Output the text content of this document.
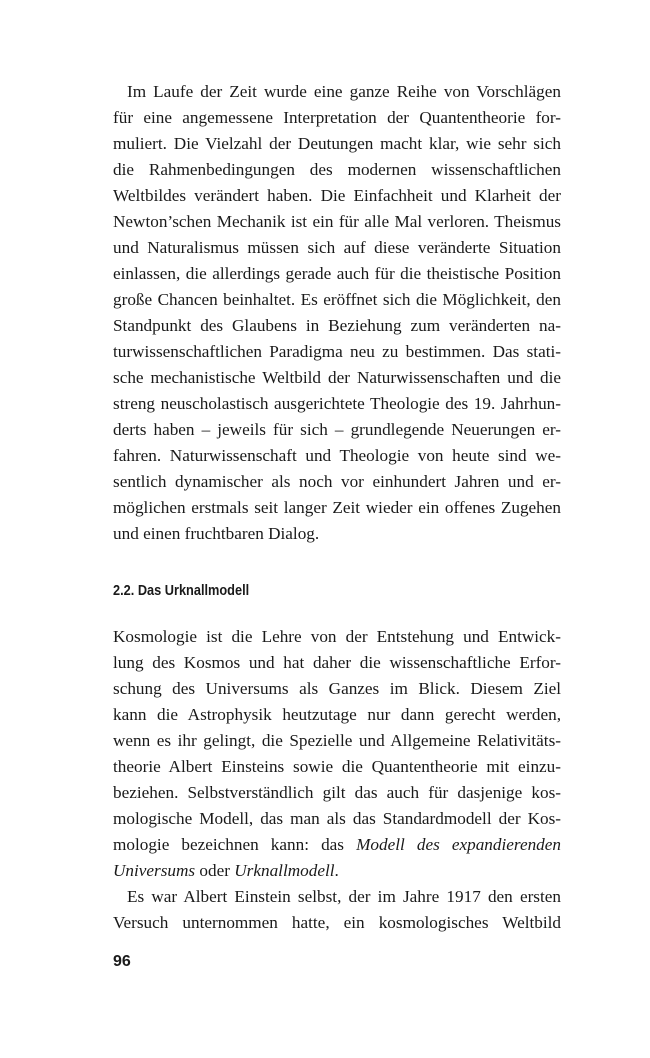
Im Laufe der Zeit wurde eine ganze Reihe von Vorschlägen
für eine angemessene Interpretation der Quantentheorie for-
muliert. Die Vielzahl der Deutungen macht klar, wie sehr sich
die Rahmenbedingungen des modernen wissenschaftlichen
Weltbildes verändert haben. Die Einfachheit und Klarheit der
Newton’schen Mechanik ist ein für alle Mal verloren. Theismus
und Naturalismus müssen sich auf diese veränderte Situation
einlassen, die allerdings gerade auch für die theistische Position
große Chancen beinhaltet. Es eröffnet sich die Möglichkeit, den
Standpunkt des Glaubens in Beziehung zum veränderten na-
turwissenschaftlichen Paradigma neu zu bestimmen. Das stati-
sche mechanistische Weltbild der Naturwissenschaften und die
streng neuscholastisch ausgerichtete Theologie des 19. Jahrhun-
derts haben – jeweils für sich – grundlegende Neuerungen er-
fahren. Naturwissenschaft und Theologie von heute sind we-
sentlich dynamischer als noch vor einhundert Jahren und er-
möglichen erstmals seit langer Zeit wieder ein offenes Zugehen
und einen fruchtbaren Dialog.
2.2. Das Urknallmodell
Kosmologie ist die Lehre von der Entstehung und Entwick-
lung des Kosmos und hat daher die wissenschaftliche Erfor-
schung des Universums als Ganzes im Blick. Diesem Ziel
kann die Astrophysik heutzutage nur dann gerecht werden,
wenn es ihr gelingt, die Spezielle und Allgemeine Relativitäts-
theorie Albert Einsteins sowie die Quantentheorie mit einzu-
beziehen. Selbstverständlich gilt das auch für dasjenige kos-
mologische Modell, das man als das Standardmodell der Kos-
mologie bezeichnen kann: das Modell des expandierenden
Universums oder Urknallmodell.
Es war Albert Einstein selbst, der im Jahre 1917 den ersten
Versuch unternommen hatte, ein kosmologisches Weltbild
96
